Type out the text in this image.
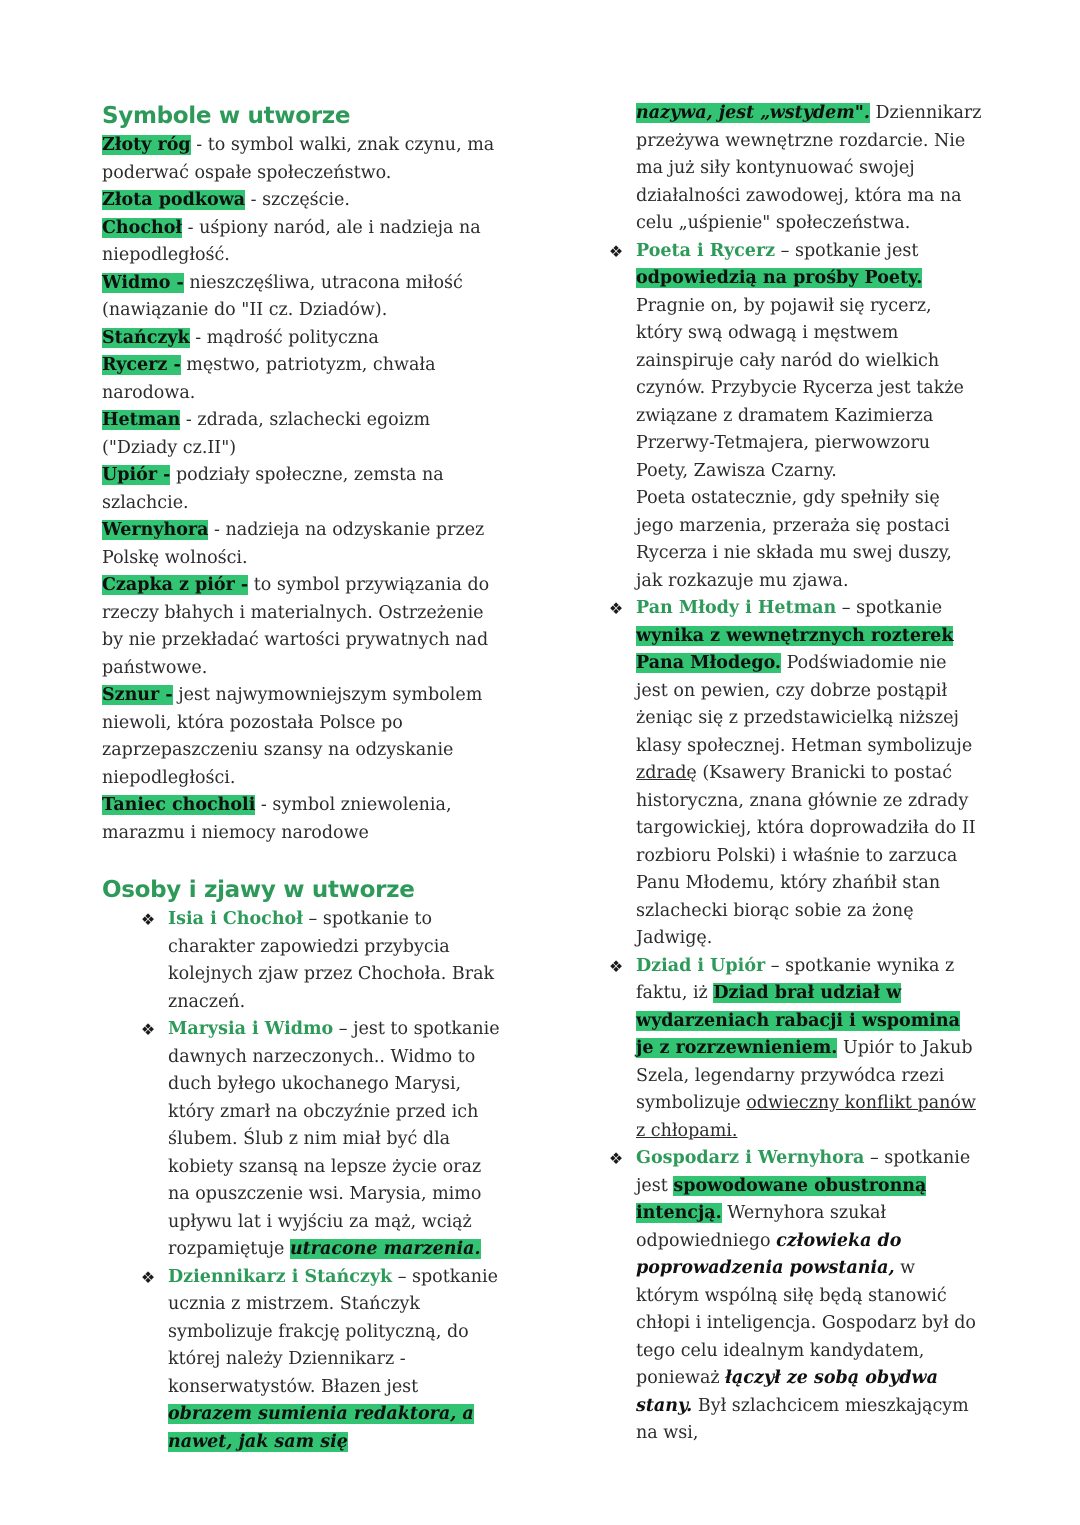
Symbole w utworze

Złoty róg - to symbol walki, znak czynu, ma poderwać ospałe społeczeństwo.

Złota podkowa - szczęście.

Chochoł - uśpiony naród, ale i nadzieja na niepodległość.

Widmo - nieszczęśliwa, utracona miłość (nawiązanie do "II cz. Dziadów).

Stańczyk - mądrość polityczna

Rycerz - męstwo, patriotyzm, chwała narodowa.

Hetman - zdrada, szlachecki egoizm ("Dziady cz.II")

Upiór - podziały społeczne, zemsta na szlachcie.

Wernyhora - nadzieja na odzyskanie przez Polskę wolności.

Czapka z piór - to symbol przywiązania do rzeczy błahych i materialnych. Ostrzeżenie by nie przekładać wartości prywatnych nad państwowe.

Sznur - jest najwymowniejszym symbolem niewoli, która pozostała Polsce po zaprzepaszczeniu szansy na odzyskanie niepodległości.

Taniec chocholi - symbol zniewolenia, marazmu i niemocy narodowe

Osoby i zjawy w utworze
❖ Isia i Chochoł – spotkanie to charakter zapowiedzi przybycia kolejnych zjaw przez Chochoła. Brak znaczeń.
❖ Marysia i Widmo – jest to spotkanie dawnych narzeczonych.. Widmo to duch byłego ukochanego Marysi, który zmarł na obczyźnie przed ich ślubem. Ślub z nim miał być dla kobiety szansą na lepsze życie oraz na opuszczenie wsi. Marysia, mimo upływu lat i wyjściu za mąż, wciąż rozpamiętuje utracone marzenia.
❖ Dziennikarz i Stańczyk – spotkanie ucznia z mistrzem. Stańczyk symbolizuje frakcję polityczną, do której należy Dziennikarz - konserwatystów. Błazen jest obrazem sumienia redaktora, a nawet, jak sam się

nazywa, jest „wstydem". Dziennikarz przeżywa wewnętrzne rozdarcie. Nie ma już siły kontynuować swojej działalności zawodowej, która ma na celu „uśpienie" społeczeństwa.

❖ Poeta i Rycerz – spotkanie jest odpowiedzią na prośby Poety. Pragnie on, by pojawił się rycerz, który swą odwagą i męstwem zainspiruje cały naród do wielkich czynów. Przybycie Rycerza jest także związane z dramatem Kazimierza Przerwy-Tetmajera, pierwowzoru Poety, Zawisza Czarny.
Poeta ostatecznie, gdy spełniły się jego marzenia, przeraża się postaci Rycerza i nie składa mu swej duszy, jak rozkazuje mu zjawa.
❖ Pan Młody i Hetman – spotkanie wynika z wewnętrznych rozterek Pana Młodego. Podświadomie nie jest on pewien, czy dobrze postąpił żeniąc się z przedstawicielką niższej klasy społecznej. Hetman symbolizuje zdradę (Ksawery Branicki to postać historyczna, znana głównie ze zdrady targowickiej, która doprowadziła do II rozbioru Polski) i właśnie to zarzuca Panu Młodemu, który zhańbił stan szlachecki biorąc sobie za żonę Jadwigę.
❖ Dziad i Upiór – spotkanie wynika z faktu, iż Dziad brał udział w wydarzeniach rabacji i wspomina je z rozrzewnieniem. Upiór to Jakub Szela, legendarny przywódca rzezi symbolizuje odwieczny konflikt panów z chłopami.
❖ Gospodarz i Wernyhora – spotkanie jest spowodowane obustronną intencją. Wernyhora szukał odpowiedniego człowieka do poprowadzenia powstania, w którym wspólną siłę będą stanowić chłopi i inteligencja. Gospodarz był do tego celu idealnym kandydatem, ponieważ łączył ze sobą obydwa stany. Był szlachcicem mieszkającym na wsi,
